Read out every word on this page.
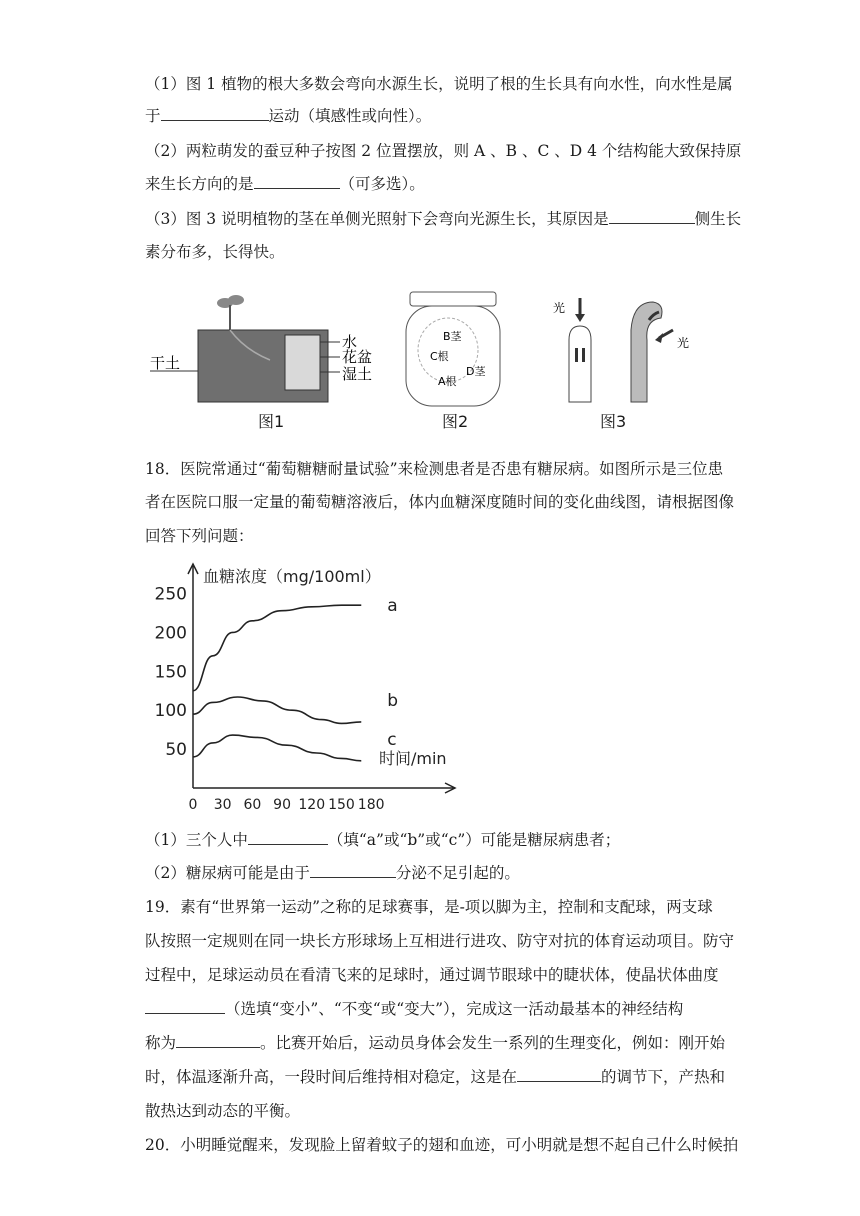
（1）图 1 植物的根大多数会弯向水源生长，说明了根的生长具有向水性，向水性是属
于	运动（填感性或向性）。
（2）两粒萌发的蚕豆种子按图 2 位置摆放，则 A 、B 、C 、D 4 个结构能大致保持原
来生长方向的是	（可多选）。
（3）图 3 说明植物的茎在单侧光照射下会弯向光源生长，其原因是	侧生长
素分布多，长得快。
干土
水
花盆
湿土
图1
B茎
C根
D茎
A根
图2
光
光
图3
18．医院常通过“葡萄糖糖耐量试验”来检测患者是否患有糖尿病。如图所示是三位患
者在医院口服一定量的葡萄糖溶液后，体内血糖深度随时间的变化曲线图，请根据图像
回答下列问题：
血糖浓度（mg/100ml）
时间/min
0 30 60 90 120 150 180
50
100
150
200
250
a
b
c
（1）三个人中	（填“a”或“b”或“c”）可能是糖尿病患者；
（2）糖尿病可能是由于	分泌不足引起的。
19．素有“世界第一运动”之称的足球赛事，是-项以脚为主，控制和支配球，两支球
队按照一定规则在同一块长方形球场上互相进行进攻、防守对抗的体育运动项目。防守
过程中，足球运动员在看清飞来的足球时，通过调节眼球中的睫状体，使晶状体曲度
（选填“变小”、“不变“或“变大”），完成这一活动最基本的神经结构
称为	。比赛开始后，运动员身体会发生一系列的生理变化，例如：刚开始
时，体温逐渐升高，一段时间后维持相对稳定，这是在	的调节下，产热和
散热达到动态的平衡。
20．小明睡觉醒来，发现脸上留着蚊子的翅和血迹，可小明就是想不起自己什么时候拍
